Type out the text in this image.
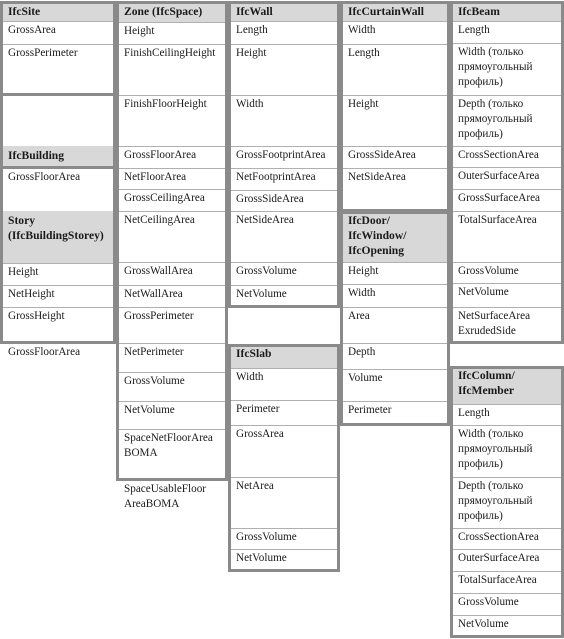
IfcSite
GrossArea
GrossPerimeter
IfcBuilding
GrossFloorArea
Story
(IfcBuildingStorey)
Height
NetHeight
GrossHeight
GrossFloorArea
Zone (IfcSpace)
Height
FinishCeilingHeight
FinishFloorHeight
GrossFloorArea
NetFloorArea
GrossCeilingArea
NetCeilingArea
GrossWallArea
NetWallArea
GrossPerimeter
NetPerimeter
GrossVolume
NetVolume
SpaceNetFloorArea
BOMA
SpaceUsableFloor
AreaBOMA
IfcWall
Length
Height
Width
GrossFootprintArea
NetFootprintArea
GrossSideArea
NetSideArea
GrossVolume
NetVolume
IfcSlab
Width
Perimeter
GrossArea
NetArea
GrossVolume
NetVolume
IfcCurtainWall
Width
Length
Height
GrossSideArea
NetSideArea
IfcDoor/
IfcWindow/
IfcOpening
Height
Width
Area
Depth
Volume
Perimeter
IfcBeam
Length
Width (только
прямоугольный
профиль)
Depth (только
прямоугольный
профиль)
CrossSectionArea
OuterSurfaceArea
GrossSurfaceArea
TotalSurfaceArea
GrossVolume
NetVolume
NetSurfaceArea
ExrudedSide
IfcColumn/
IfcMember
Length
Width (только
прямоугольный
профиль)
Depth (только
прямоугольный
профиль)
CrossSectionArea
OuterSurfaceArea
TotalSurfaceArea
GrossVolume
NetVolume
